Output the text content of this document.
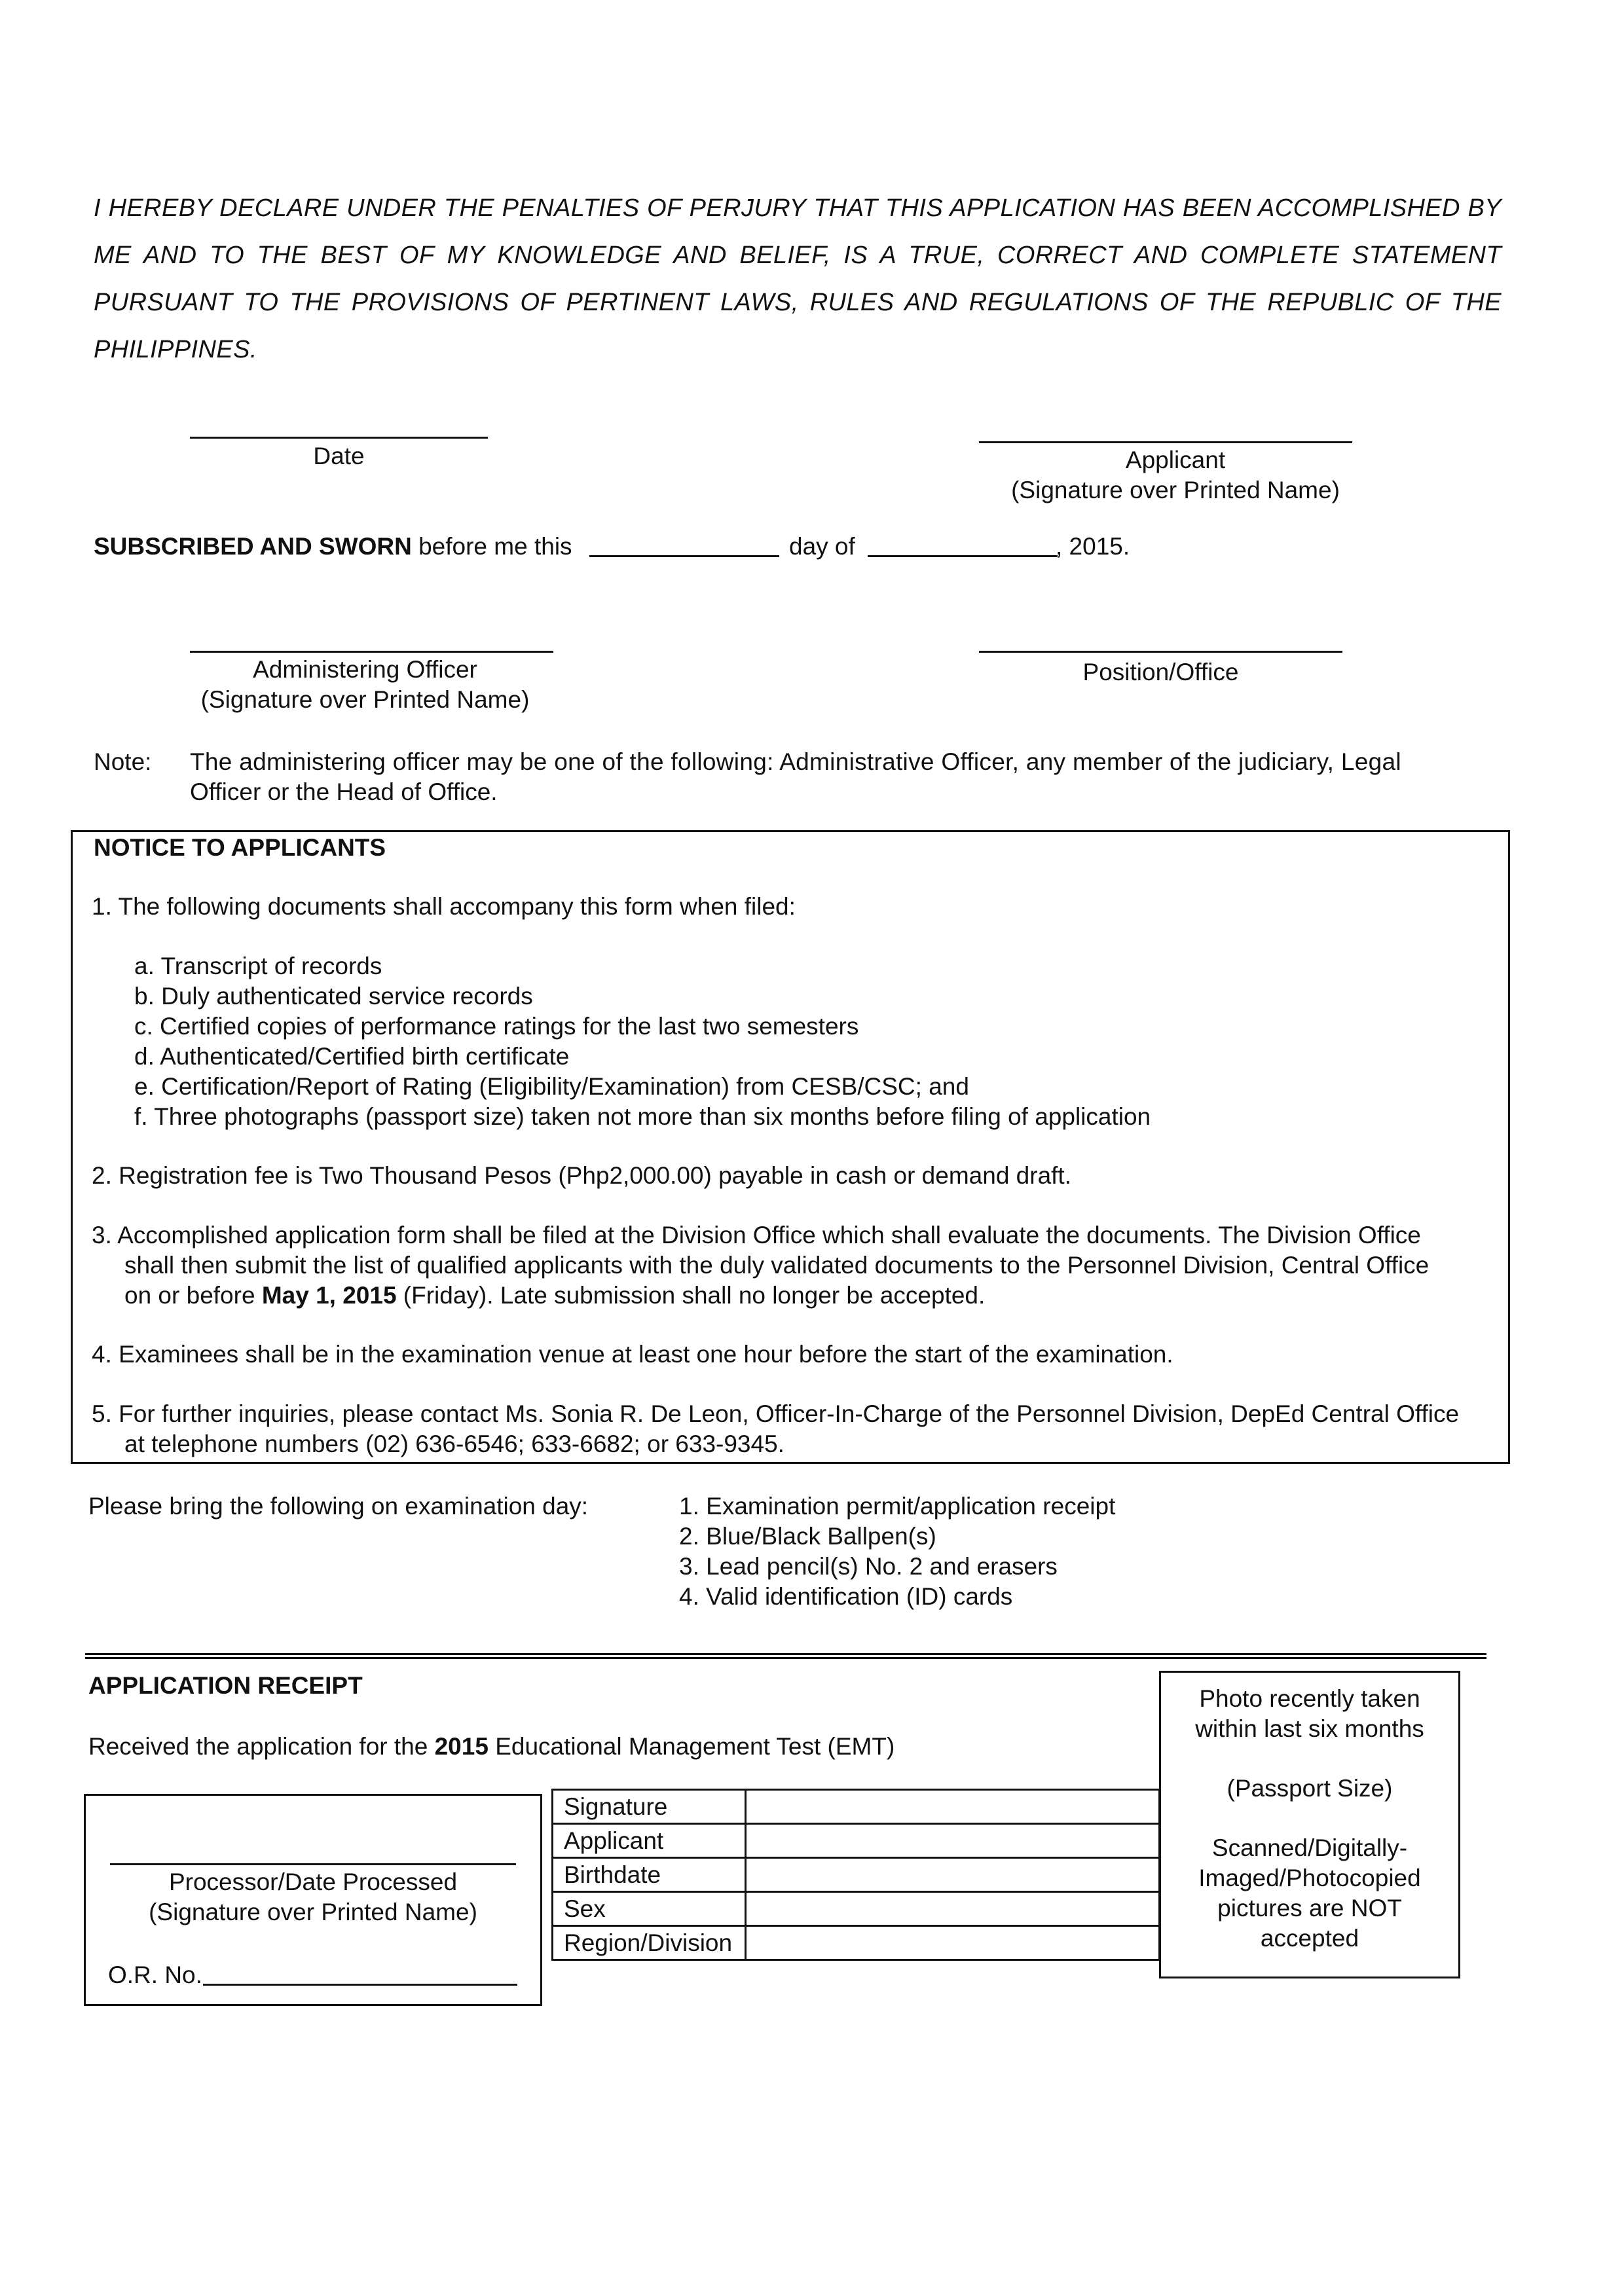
I HEREBY DECLARE UNDER THE PENALTIES OF PERJURY THAT THIS APPLICATION HAS BEEN ACCOMPLISHED BY ME AND TO THE BEST OF MY KNOWLEDGE AND BELIEF, IS A TRUE, CORRECT AND COMPLETE STATEMENT PURSUANT TO THE PROVISIONS OF PERTINENT LAWS, RULES AND REGULATIONS OF THE REPUBLIC OF THE PHILIPPINES.
Date	Applicant
(Signature over Printed Name)
SUBSCRIBED AND SWORN before me this	day of	, 2015.
Administering Officer
(Signature over Printed Name)
Position/Office
Note: The administering officer may be one of the following: Administrative Officer, any member of the judiciary, Legal
Officer or the Head of Office.
NOTICE TO APPLICANTS
1. The following documents shall accompany this form when filed:
a. Transcript of records
b. Duly authenticated service records
c. Certified copies of performance ratings for the last two semesters
d. Authenticated/Certified birth certificate
e. Certification/Report of Rating (Eligibility/Examination) from CESB/CSC; and
f. Three photographs (passport size) taken not more than six months before filing of application
2. Registration fee is Two Thousand Pesos (Php2,000.00) payable in cash or demand draft.
3. Accomplished application form shall be filed at the Division Office which shall evaluate the documents. The Division Office
shall then submit the list of qualified applicants with the duly validated documents to the Personnel Division, Central Office
on or before May 1, 2015 (Friday). Late submission shall no longer be accepted.
4. Examinees shall be in the examination venue at least one hour before the start of the examination.
5. For further inquiries, please contact Ms. Sonia R. De Leon, Officer-In-Charge of the Personnel Division, DepEd Central Office
at telephone numbers (02) 636-6546; 633-6682; or 633-9345.
Please bring the following on examination day:	1. Examination permit/application receipt
2. Blue/Black Ballpen(s)
3. Lead pencil(s) No. 2 and erasers
4. Valid identification (ID) cards
APPLICATION RECEIPT
Received the application for the 2015 Educational Management Test (EMT)
Processor/Date Processed
(Signature over Printed Name)
O.R. No.
Signature	
Applicant	
Birthdate	
Sex	
Region/Division	
Photo recently taken
within last six months
(Passport Size)
Scanned/Digitally-
Imaged/Photocopied
pictures are NOT
accepted
